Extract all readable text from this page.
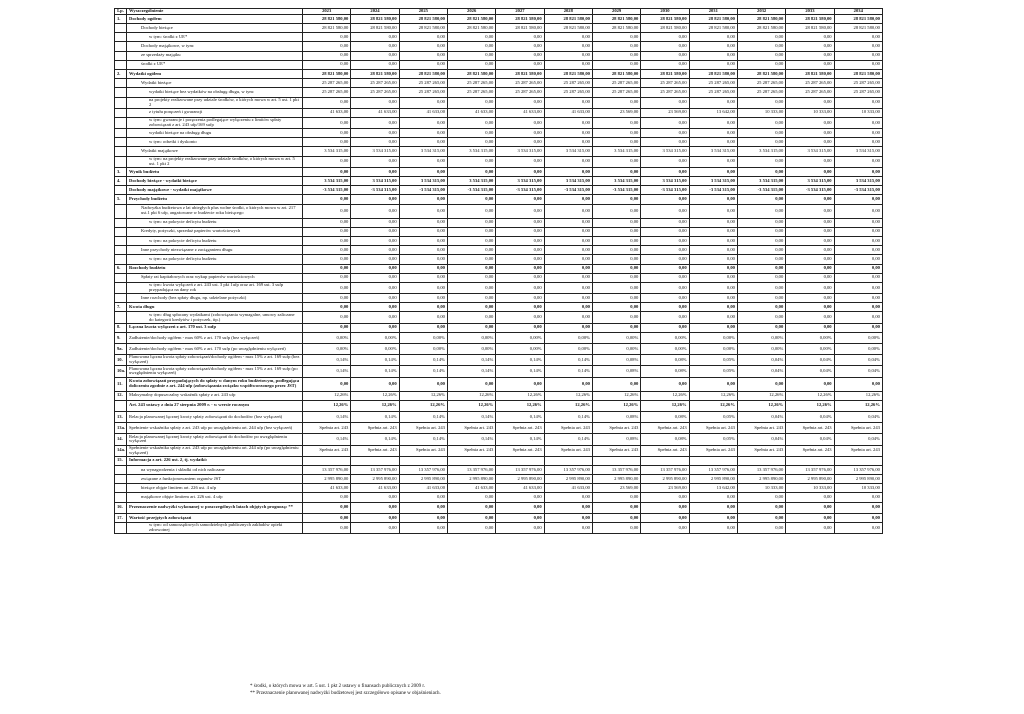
Lp.	Wyszczególnienie	2023	2024	2025	2026	2027	2028	2029	2030	2031	2032	2033	2034
1.	Dochody ogółem	28 821 580,00	28 821 580,00	28 821 580,00	28 821 580,00	28 821 580,00	28 821 580,00	28 821 580,00	28 821 580,00	28 821 580,00	28 821 580,00	28 821 580,00	28 821 580,00
	Dochody bieżące	28 821 580,00	28 821 580,00	28 821 580,00	28 821 580,00	28 821 580,00	28 821 580,00	28 821 580,00	28 821 580,00	28 821 580,00	28 821 580,00	28 821 580,00	28 821 580,00
	w tym: środki z UE*	0,00	0,00	0,00	0,00	0,00	0,00	0,00	0,00	0,00	0,00	0,00	0,00
	Dochody majątkowe, w tym:	0,00	0,00	0,00	0,00	0,00	0,00	0,00	0,00	0,00	0,00	0,00	0,00
	ze sprzedaży majątku	0,00	0,00	0,00	0,00	0,00	0,00	0,00	0,00	0,00	0,00	0,00	0,00
	środki z UE*	0,00	0,00	0,00	0,00	0,00	0,00	0,00	0,00	0,00	0,00	0,00	0,00
2.	Wydatki ogółem	28 821 580,00	28 821 580,00	28 821 580,00	28 821 580,00	28 821 580,00	28 821 580,00	28 821 580,00	28 821 580,00	28 821 580,00	28 821 580,00	28 821 580,00	28 821 580,00
	Wydatki bieżące	25 287 265,00	25 287 265,00	25 287 265,00	25 287 265,00	25 287 265,00	25 287 265,00	25 287 265,00	25 287 265,00	25 287 265,00	25 287 265,00	25 287 265,00	25 287 265,00
	wydatki bieżące bez wydatków na obsługę długu, w tym:	25 287 265,00	25 287 265,00	25 287 265,00	25 287 265,00	25 287 265,00	25 287 265,00	25 287 265,00	25 287 265,00	25 287 265,00	25 287 265,00	25 287 265,00	25 287 265,00
	na projekty realizowane przy udziale środków, o których mowa w art. 5 ust. 1 pkt 2	0,00	0,00	0,00	0,00	0,00	0,00	0,00	0,00	0,00	0,00	0,00	0,00
	z tytułu poręczeń i gwarancji	41 633,00	41 633,00	41 633,00	41 633,00	41 633,00	41 633,00	23 569,00	23 569,00	13 642,00	10 333,00	10 333,00	10 333,00
	w tym: gwarancje i poręczenia podlegające wyłączeniu z limitów spłaty zobowiązań z art. 243 ufp/169 sufp	0,00	0,00	0,00	0,00	0,00	0,00	0,00	0,00	0,00	0,00	0,00	0,00
	wydatki bieżące na obsługę długu	0,00	0,00	0,00	0,00	0,00	0,00	0,00	0,00	0,00	0,00	0,00	0,00
	w tym: odsetki i dyskonto	0,00	0,00	0,00	0,00	0,00	0,00	0,00	0,00	0,00	0,00	0,00	0,00
	Wydatki majątkowe	3 534 315,00	3 534 315,00	3 534 315,00	3 534 315,00	3 534 315,00	3 534 315,00	3 534 315,00	3 534 315,00	3 534 315,00	3 534 315,00	3 534 315,00	3 534 315,00
	w tym: na projekty realizowane przy udziale środków, o których mowa w art. 5 ust. 1 pkt 2	0,00	0,00	0,00	0,00	0,00	0,00	0,00	0,00	0,00	0,00	0,00	0,00
3.	Wynik budżetu	0,00	0,00	0,00	0,00	0,00	0,00	0,00	0,00	0,00	0,00	0,00	0,00
4.	Dochody bieżące - wydatki bieżące	3 534 315,00	3 534 315,00	3 534 315,00	3 534 315,00	3 534 315,00	3 534 315,00	3 534 315,00	3 534 315,00	3 534 315,00	3 534 315,00	3 534 315,00	3 534 315,00
	Dochody majątkowe - wydatki majątkowe	-3 534 315,00	-3 534 315,00	-3 534 315,00	-3 534 315,00	-3 534 315,00	-3 534 315,00	-3 534 315,00	-3 534 315,00	-3 534 315,00	-3 534 315,00	-3 534 315,00	-3 534 315,00
5.	Przychody budżetu	0,00	0,00	0,00	0,00	0,00	0,00	0,00	0,00	0,00	0,00	0,00	0,00
	Nadwyżka budżetowa z lat ubiegłych plus wolne środki, o których mowa w art. 217 ust.1 pkt 6 ufp, angażowane w budżecie roku bieżącego	0,00	0,00	0,00	0,00	0,00	0,00	0,00	0,00	0,00	0,00	0,00	0,00
	w tym: na pokrycie deficytu budżetu	0,00	0,00	0,00	0,00	0,00	0,00	0,00	0,00	0,00	0,00	0,00	0,00
	Kredyty, pożyczki, sprzedaż papierów wartościowych	0,00	0,00	0,00	0,00	0,00	0,00	0,00	0,00	0,00	0,00	0,00	0,00
	w tym: na pokrycie deficytu budżetu	0,00	0,00	0,00	0,00	0,00	0,00	0,00	0,00	0,00	0,00	0,00	0,00
	Inne przychody niezwiązane z zaciąganiem długu	0,00	0,00	0,00	0,00	0,00	0,00	0,00	0,00	0,00	0,00	0,00	0,00
	w tym: na pokrycie deficytu budżetu	0,00	0,00	0,00	0,00	0,00	0,00	0,00	0,00	0,00	0,00	0,00	0,00
6.	Rozchody budżetu	0,00	0,00	0,00	0,00	0,00	0,00	0,00	0,00	0,00	0,00	0,00	0,00
	Spłaty rat kapitałowych oraz wykup papierów wartościowych	0,00	0,00	0,00	0,00	0,00	0,00	0,00	0,00	0,00	0,00	0,00	0,00
	w tym: kwota wyłączeń z art. 243 ust. 3 pkt 1ufp oraz art. 169 ust. 3 sufp przypadająca na dany rok	0,00	0,00	0,00	0,00	0,00	0,00	0,00	0,00	0,00	0,00	0,00	0,00
	Inne rozchody (bez spłaty długu, np. udzielane pożyczki)	0,00	0,00	0,00	0,00	0,00	0,00	0,00	0,00	0,00	0,00	0,00	0,00
7.	Kwota długu	0,00	0,00	0,00	0,00	0,00	0,00	0,00	0,00	0,00	0,00	0,00	0,00
	w tym: dług spłacany wydatkami (zobowiązania wymagalne, umowy zaliczane do kategorii kredytów i pożyczek, itp.)	0,00	0,00	0,00	0,00	0,00	0,00	0,00	0,00	0,00	0,00	0,00	0,00
8.	Łączna kwota wyłączeń z art. 170 ust. 3 sufp	0,00	0,00	0,00	0,00	0,00	0,00	0,00	0,00	0,00	0,00	0,00	0,00
9.	Zadłużenie/dochody ogółem - max 60% z art. 170 sufp (bez wyłączeń)	0,00%	0,00%	0,00%	0,00%	0,00%	0,00%	0,00%	0,00%	0,00%	0,00%	0,00%	0,00%
9a.	Zadłużenie/dochody ogółem - max 60% z art. 170 sufp (po uwzględnieniu wyłączeń)	0,00%	0,00%	0,00%	0,00%	0,00%	0,00%	0,00%	0,00%	0,00%	0,00%	0,00%	0,00%
10.	Planowana łączna kwota spłaty zobowiązań/dochody ogółem - max 15% z art. 169 sufp (bez wyłączeń)	0,14%	0,14%	0,14%	0,14%	0,14%	0,14%	0,08%	0,08%	0,05%	0,04%	0,04%	0,04%
10a.	Planowana łączna kwota spłaty zobowiązań/dochody ogółem - max 15% z art. 169 sufp (po uwzględnieniu wyłączeń)	0,14%	0,14%	0,14%	0,14%	0,14%	0,14%	0,08%	0,08%	0,05%	0,04%	0,04%	0,04%
11.	Kwota zobowiązań przypadających do spłaty w danym roku budżetowym, podlegająca doliczeniu zgodnie z art. 244 ufp (zobowiązania związku współtworzonego przez JST)	0,00	0,00	0,00	0,00	0,00	0,00	0,00	0,00	0,00	0,00	0,00	0,00
12.	Maksymalny dopuszczalny wskaźnik spłaty z art. 243 ufp	12,26%	12,26%	12,26%	12,26%	12,26%	12,26%	12,26%	12,26%	12,26%	12,26%	12,26%	12,26%
	Art. 243 ustawy z dnia 27 sierpnia 2009 r. - w wersie rocznym	12,26%	12,26%	12,26%	12,26%	12,26%	12,26%	12,26%	12,26%	12,26%	12,26%	12,26%	12,26%
13.	Relacja planowanej łącznej kwoty spłaty zobowiązań do dochodów (bez wyłączeń)	0,14%	0,14%	0,14%	0,14%	0,14%	0,14%	0,08%	0,08%	0,05%	0,04%	0,04%	0,04%
13a.	Spełnienie wskaźnika spłaty z art. 243 ufp po uwzględnieniu art. 244 ufp (bez wyłączeń)	Spełnia art. 243	Spełnia art. 243	Spełnia art. 243	Spełnia art. 243	Spełnia art. 243	Spełnia art. 243	Spełnia art. 243	Spełnia art. 243	Spełnia art. 243	Spełnia art. 243	Spełnia art. 243	Spełnia art. 243
14.	Relacja planowanej łącznej kwoty spłaty zobowiązań do dochodów po uwzględnieniu wyłączeń	0,14%	0,14%	0,14%	0,14%	0,14%	0,14%	0,08%	0,08%	0,05%	0,04%	0,04%	0,04%
14a.	Spełnienie wskaźnika spłaty z art. 243 ufp po uwzględnieniu art. 244 ufp (po uwzględnieniu wyłączeń)	Spełnia art. 243	Spełnia art. 243	Spełnia art. 243	Spełnia art. 243	Spełnia art. 243	Spełnia art. 243	Spełnia art. 243	Spełnia art. 243	Spełnia art. 243	Spełnia art. 243	Spełnia art. 243	Spełnia art. 243
15.	Informacja z art. 226 ust. 2, tj. wydatki:												
	na wynagrodzenia i składki od nich naliczane	13 357 976,00	13 357 976,00	13 357 976,00	13 357 976,00	13 357 976,00	13 357 976,00	13 357 976,00	13 357 976,00	13 357 976,00	13 357 976,00	13 357 976,00	13 357 976,00
	związane z funkcjonowaniem organów JST	2 995 890,00	2 995 890,00	2 995 890,00	2 995 890,00	2 995 890,00	2 995 890,00	2 995 890,00	2 995 890,00	2 995 890,00	2 995 890,00	2 995 890,00	2 995 890,00
	bieżące objęte limitem art. 226 ust. 4 ufp	41 633,00	41 633,00	41 633,00	41 633,00	41 633,00	41 633,00	23 569,00	23 569,00	13 642,00	10 333,00	10 333,00	10 333,00
	majątkowe objęte limitem art. 226 ust. 4 ufp	0,00	0,00	0,00	0,00	0,00	0,00	0,00	0,00	0,00	0,00	0,00	0,00
16.	Przeznaczenie nadwyżki wykonanej w poszczególnych latach objętych prognozą: **	0,00	0,00	0,00	0,00	0,00	0,00	0,00	0,00	0,00	0,00	0,00	0,00
17.	Wartość przejętych zobowiązań	0,00	0,00	0,00	0,00	0,00	0,00	0,00	0,00	0,00	0,00	0,00	0,00
	w tym: od samorządowych samodzielnych publicznych zakładów opieki zdrowotnej	0,00	0,00	0,00	0,00	0,00	0,00	0,00	0,00	0,00	0,00	0,00	0,00
* środki, o których mowa w art. 5 ust. 1 pkt 2 ustawy o finansach publicznych z 2009 r.
** Przeznaczenie planowanej nadwyżki budżetowej jest szczegółowo opisane w objaśnieniach.
